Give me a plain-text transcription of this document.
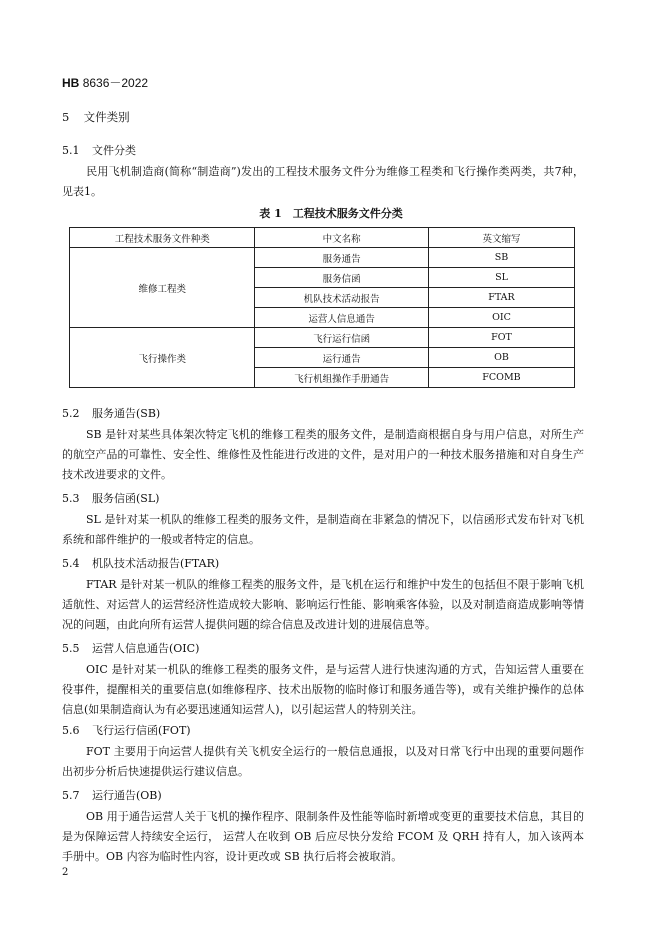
HB 8636－2022
5 文件类别
5.1 文件分类
民用飞机制造商(简称“制造商”)发出的工程技术服务文件分为维修工程类和飞行操作类两类，共7种，见表1。
表 1　工程技术服务文件分类
工程技术服务文件种类	中文名称	英文缩写
维修工程类	服务通告	SB
	服务信函	SL
	机队技术活动报告	FTAR
	运营人信息通告	OIC
飞行操作类	飞行运行信函	FOT
	运行通告	OB
	飞行机组操作手册通告	FCOMB
5.2 服务通告(SB)
SB 是针对某些具体架次特定飞机的维修工程类的服务文件，是制造商根据自身与用户信息，对所生产的航空产品的可靠性、安全性、维修性及性能进行改进的文件，是对用户的一种技术服务措施和对自身生产技术改进要求的文件。
5.3 服务信函(SL)
SL 是针对某一机队的维修工程类的服务文件，是制造商在非紧急的情况下，以信函形式发布针对飞机系统和部件维护的一般或者特定的信息。
5.4 机队技术活动报告(FTAR)
FTAR 是针对某一机队的维修工程类的服务文件，是飞机在运行和维护中发生的包括但不限于影响飞机适航性、对运营人的运营经济性造成较大影响、影响运行性能、影响乘客体验，以及对制造商造成影响等情况的问题，由此向所有运营人提供问题的综合信息及改进计划的进展信息等。
5.5 运营人信息通告(OIC)
OIC 是针对某一机队的维修工程类的服务文件，是与运营人进行快速沟通的方式，告知运营人重要在役事件，提醒相关的重要信息(如维修程序、技术出版物的临时修订和服务通告等)，或有关维护操作的总体信息(如果制造商认为有必要迅速通知运营人)，以引起运营人的特别关注。
5.6 飞行运行信函(FOT)
FOT 主要用于向运营人提供有关飞机安全运行的一般信息通报，以及对日常飞行中出现的重要问题作出初步分析后快速提供运行建议信息。
5.7 运行通告(OB)
OB 用于通告运营人关于飞机的操作程序、限制条件及性能等临时新增或变更的重要技术信息，其目的是为保障运营人持续安全运行， 运营人在收到 OB 后应尽快分发给 FCOM 及 QRH 持有人，加入该两本手册中。OB 内容为临时性内容，设计更改或 SB 执行后将会被取消。
2
